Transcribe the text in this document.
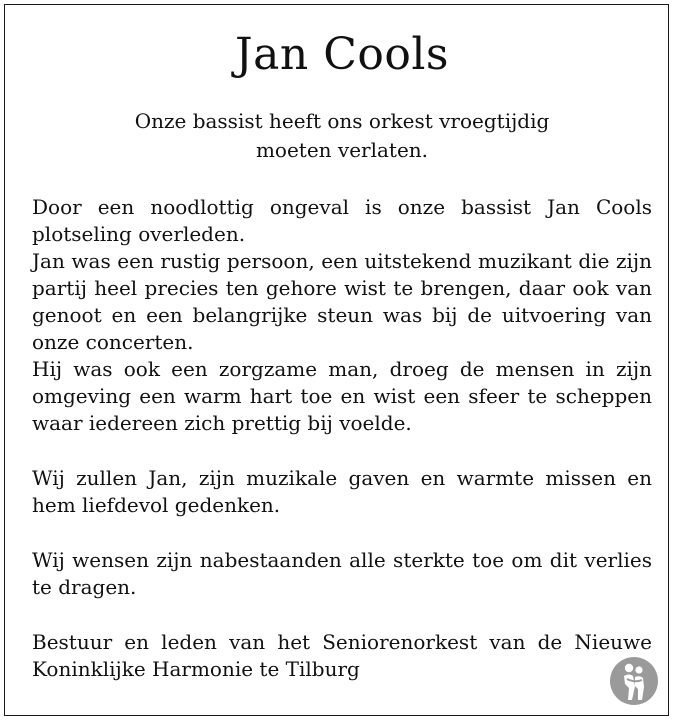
Jan Cools

Onze bassist heeft ons orkest vroegtijdig moeten verlaten.

Door een noodlottig ongeval is onze bassist Jan Cools plotseling overleden.
Jan was een rustig persoon, een uitstekend muzikant die zijn partij heel precies ten gehore wist te brengen, daar ook van genoot en een belangrijke steun was bij de uitvoering van onze concerten.
Hij was ook een zorgzame man, droeg de mensen in zijn omgeving een warm hart toe en wist een sfeer te scheppen waar iedereen zich prettig bij voelde.

Wij zullen Jan, zijn muzikale gaven en warmte missen en hem liefdevol gedenken.

Wij wensen zijn nabestaanden alle sterkte toe om dit verlies te dragen.

Bestuur en leden van het Seniorenorkest van de Nieuwe Koninklijke Harmonie te Tilburg
